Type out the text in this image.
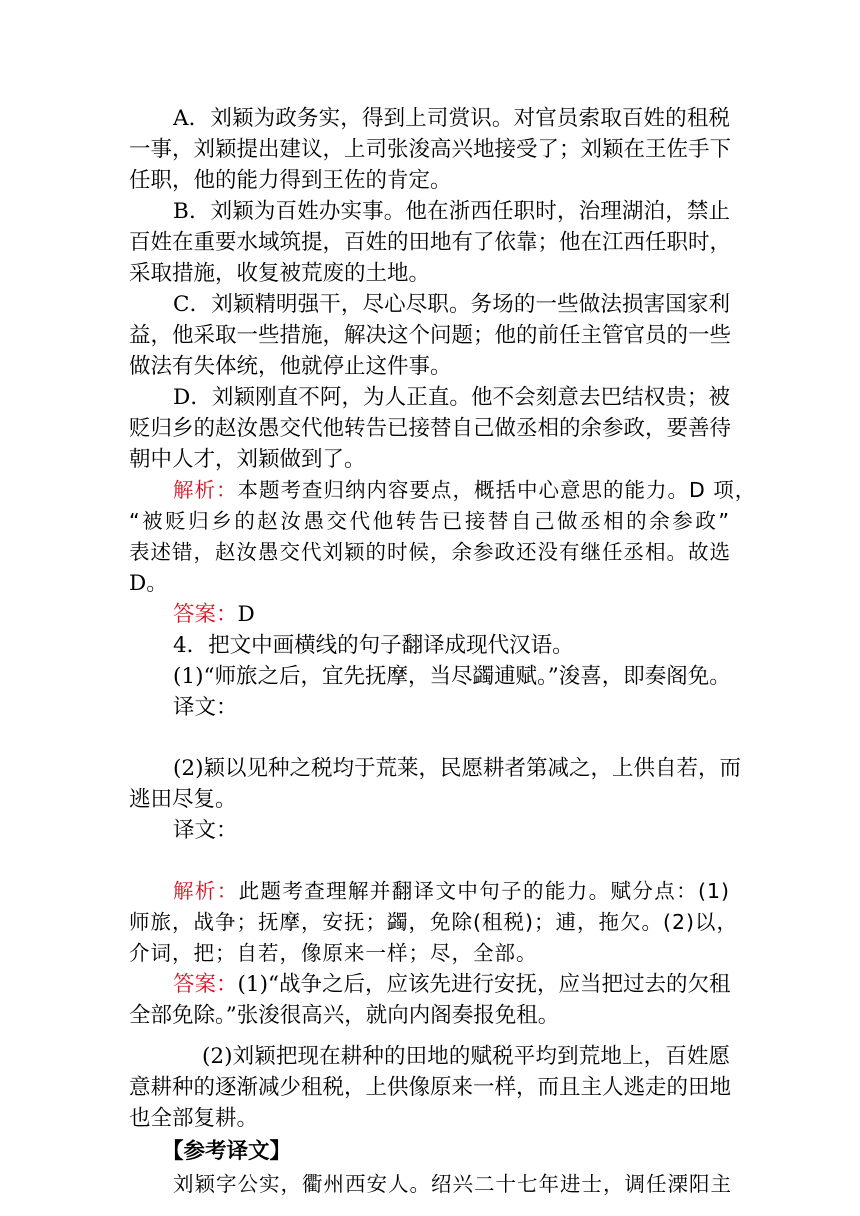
A．刘颖为政务实，得到上司赏识。对官员索取百姓的租税
一事，刘颖提出建议，上司张浚高兴地接受了；刘颖在王佐手下
任职，他的能力得到王佐的肯定。
B．刘颖为百姓办实事。他在浙西任职时，治理湖泊，禁止
百姓在重要水域筑提，百姓的田地有了依靠；他在江西任职时，
采取措施，收复被荒废的土地。
C．刘颖精明强干，尽心尽职。务场的一些做法损害国家利
益，他采取一些措施，解决这个问题；他的前任主管官员的一些
做法有失体统，他就停止这件事。
D．刘颖刚直不阿，为人正直。他不会刻意去巴结权贵；被
贬归乡的赵汝愚交代他转告已接替自己做丞相的余参政，要善待
朝中人才，刘颖做到了。
解析：本题考查归纳内容要点，概括中心意思的能力。D 项，
“被贬归乡的赵汝愚交代他转告已接替自己做丞相的余参政”
表述错，赵汝愚交代刘颖的时候，余参政还没有继任丞相。故选
D。
答案：D
4．把文中画横线的句子翻译成现代汉语。
(1)“师旅之后，宜先抚摩，当尽蠲逋赋。”浚喜，即奏阁免。
译文：
(2)颖以见种之税均于荒莱，民愿耕者第减之，上供自若，而
逃田尽复。
译文：
解析：此题考查理解并翻译文中句子的能力。赋分点：(1)
师旅，战争；抚摩，安抚；蠲，免除(租税)；逋，拖欠。(2)以，
介词，把；自若，像原来一样；尽，全部。
答案：(1)“战争之后，应该先进行安抚，应当把过去的欠租
全部免除。”张浚很高兴，就向内阁奏报免租。
(2)刘颖把现在耕种的田地的赋税平均到荒地上，百姓愿
意耕种的逐渐减少租税，上供像原来一样，而且主人逃走的田地
也全部复耕。
【参考译文】
刘颖字公实，衢州西安人。绍兴二十七年进士，调任溧阳主
